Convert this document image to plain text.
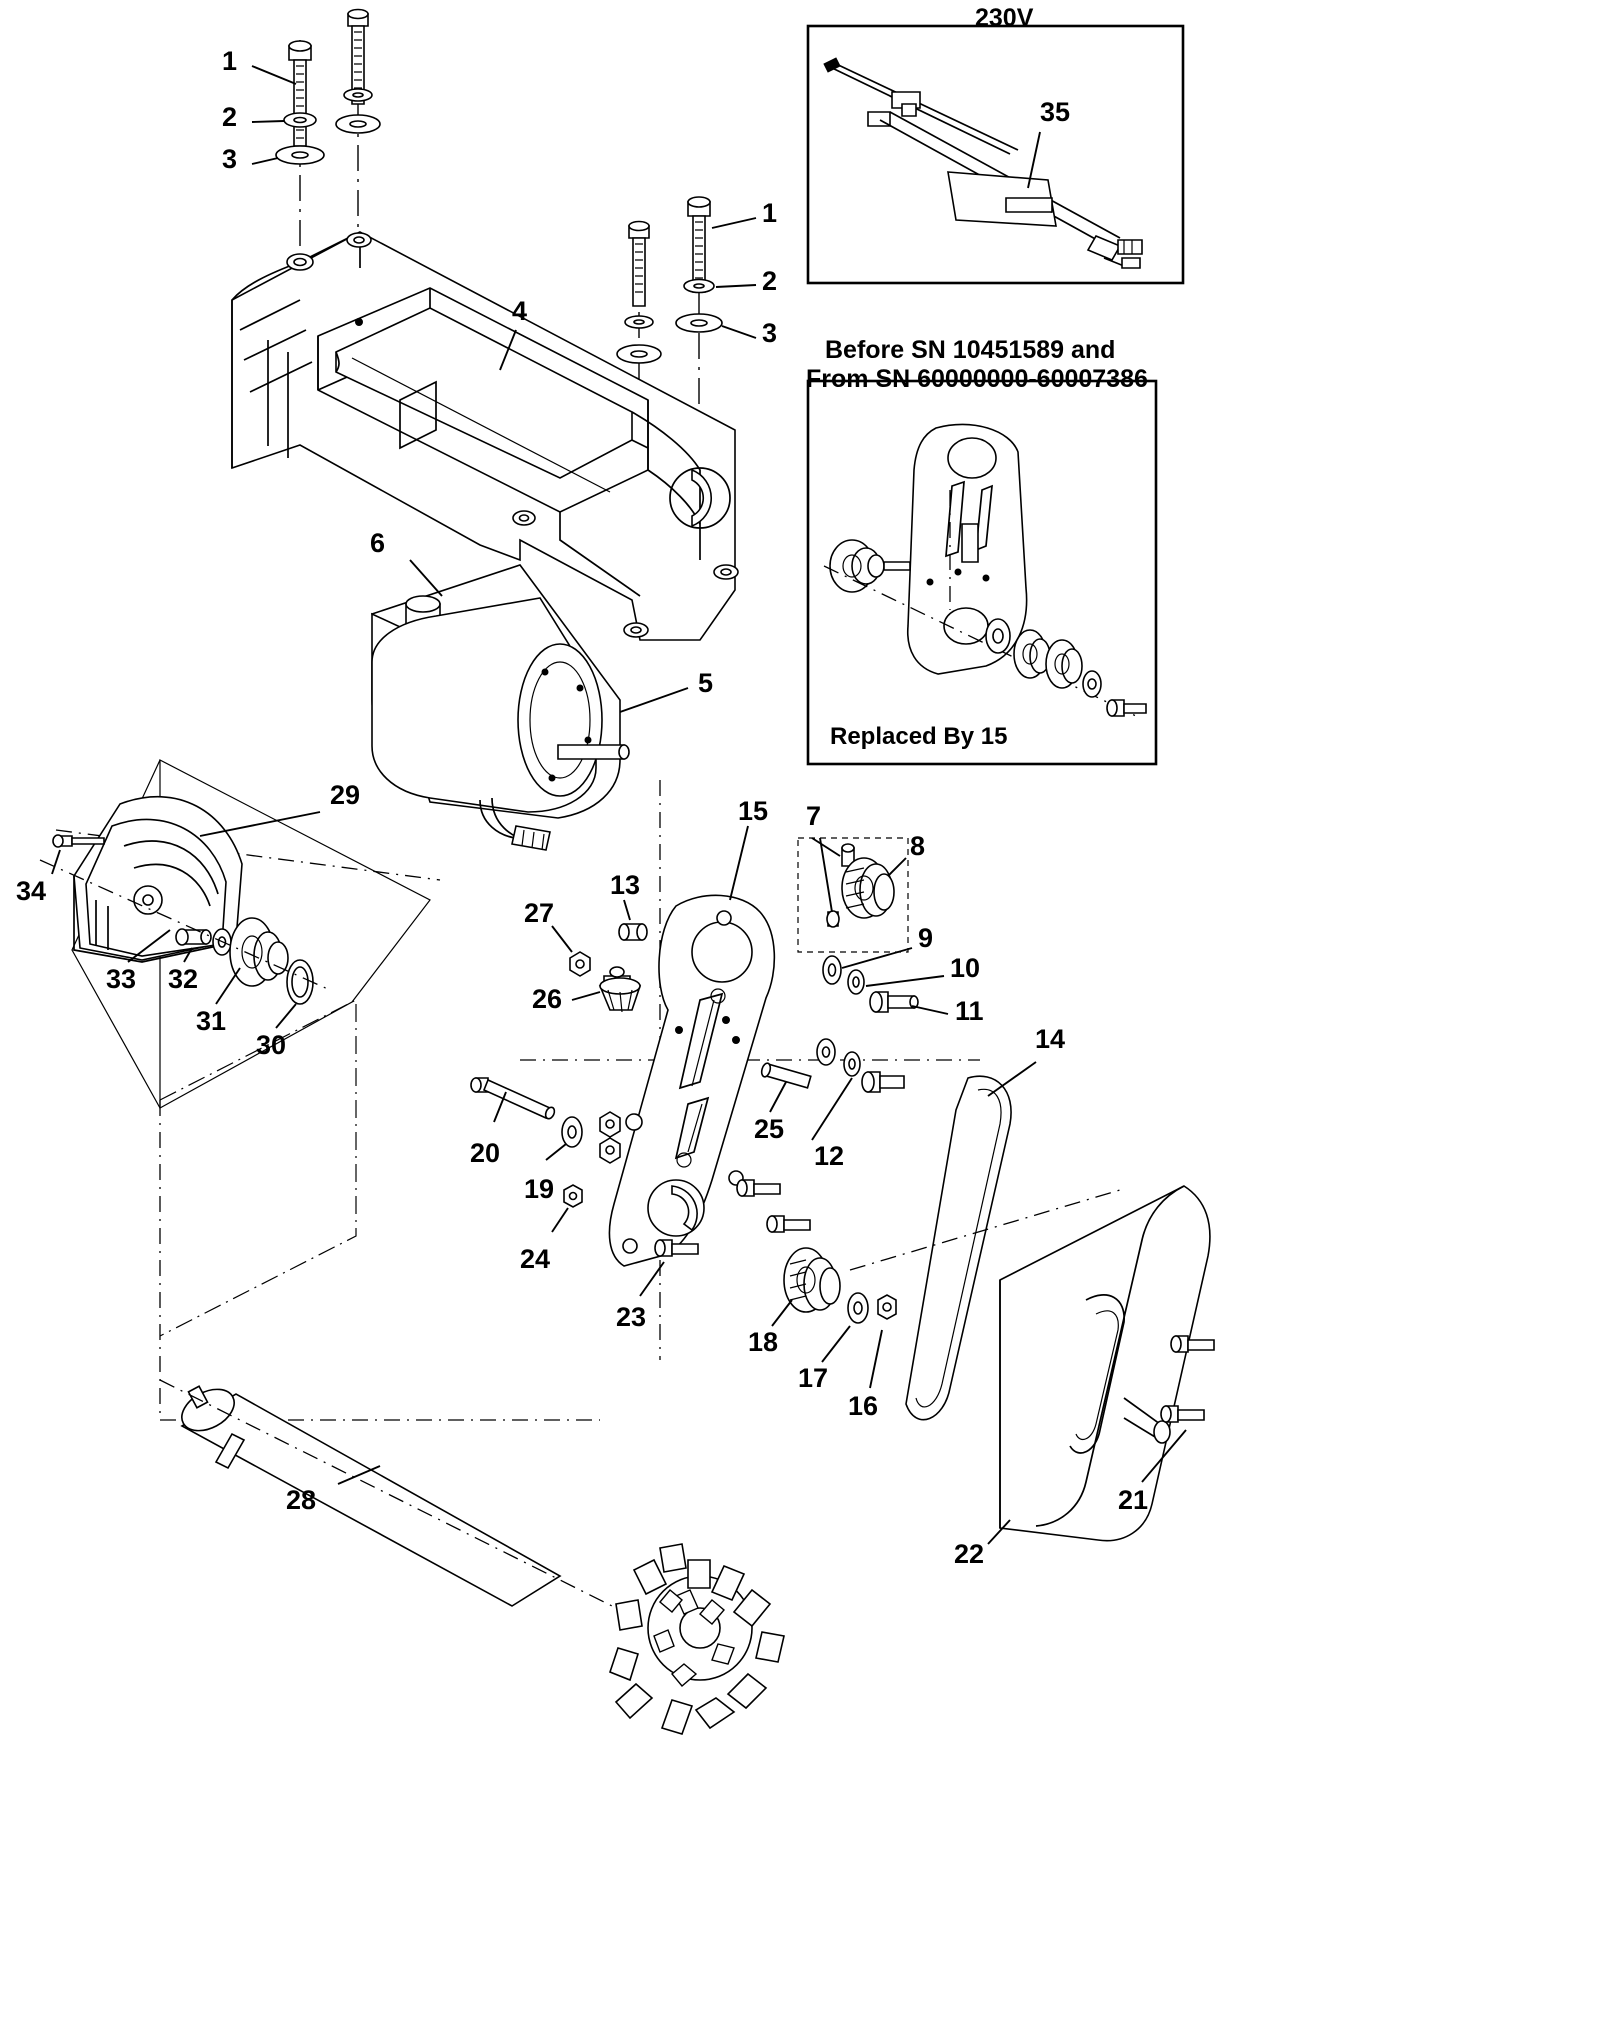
230V
Before SN 10451589 and
From SN 60000000-60007386
Replaced By 15
1
2
3
4
1
2
3
6
5
29
34
33 32
31
30
27
26
13
15 7
8
9
10
11
14
25
12
20
19
24
23
18
17
16
21
22
28
35
